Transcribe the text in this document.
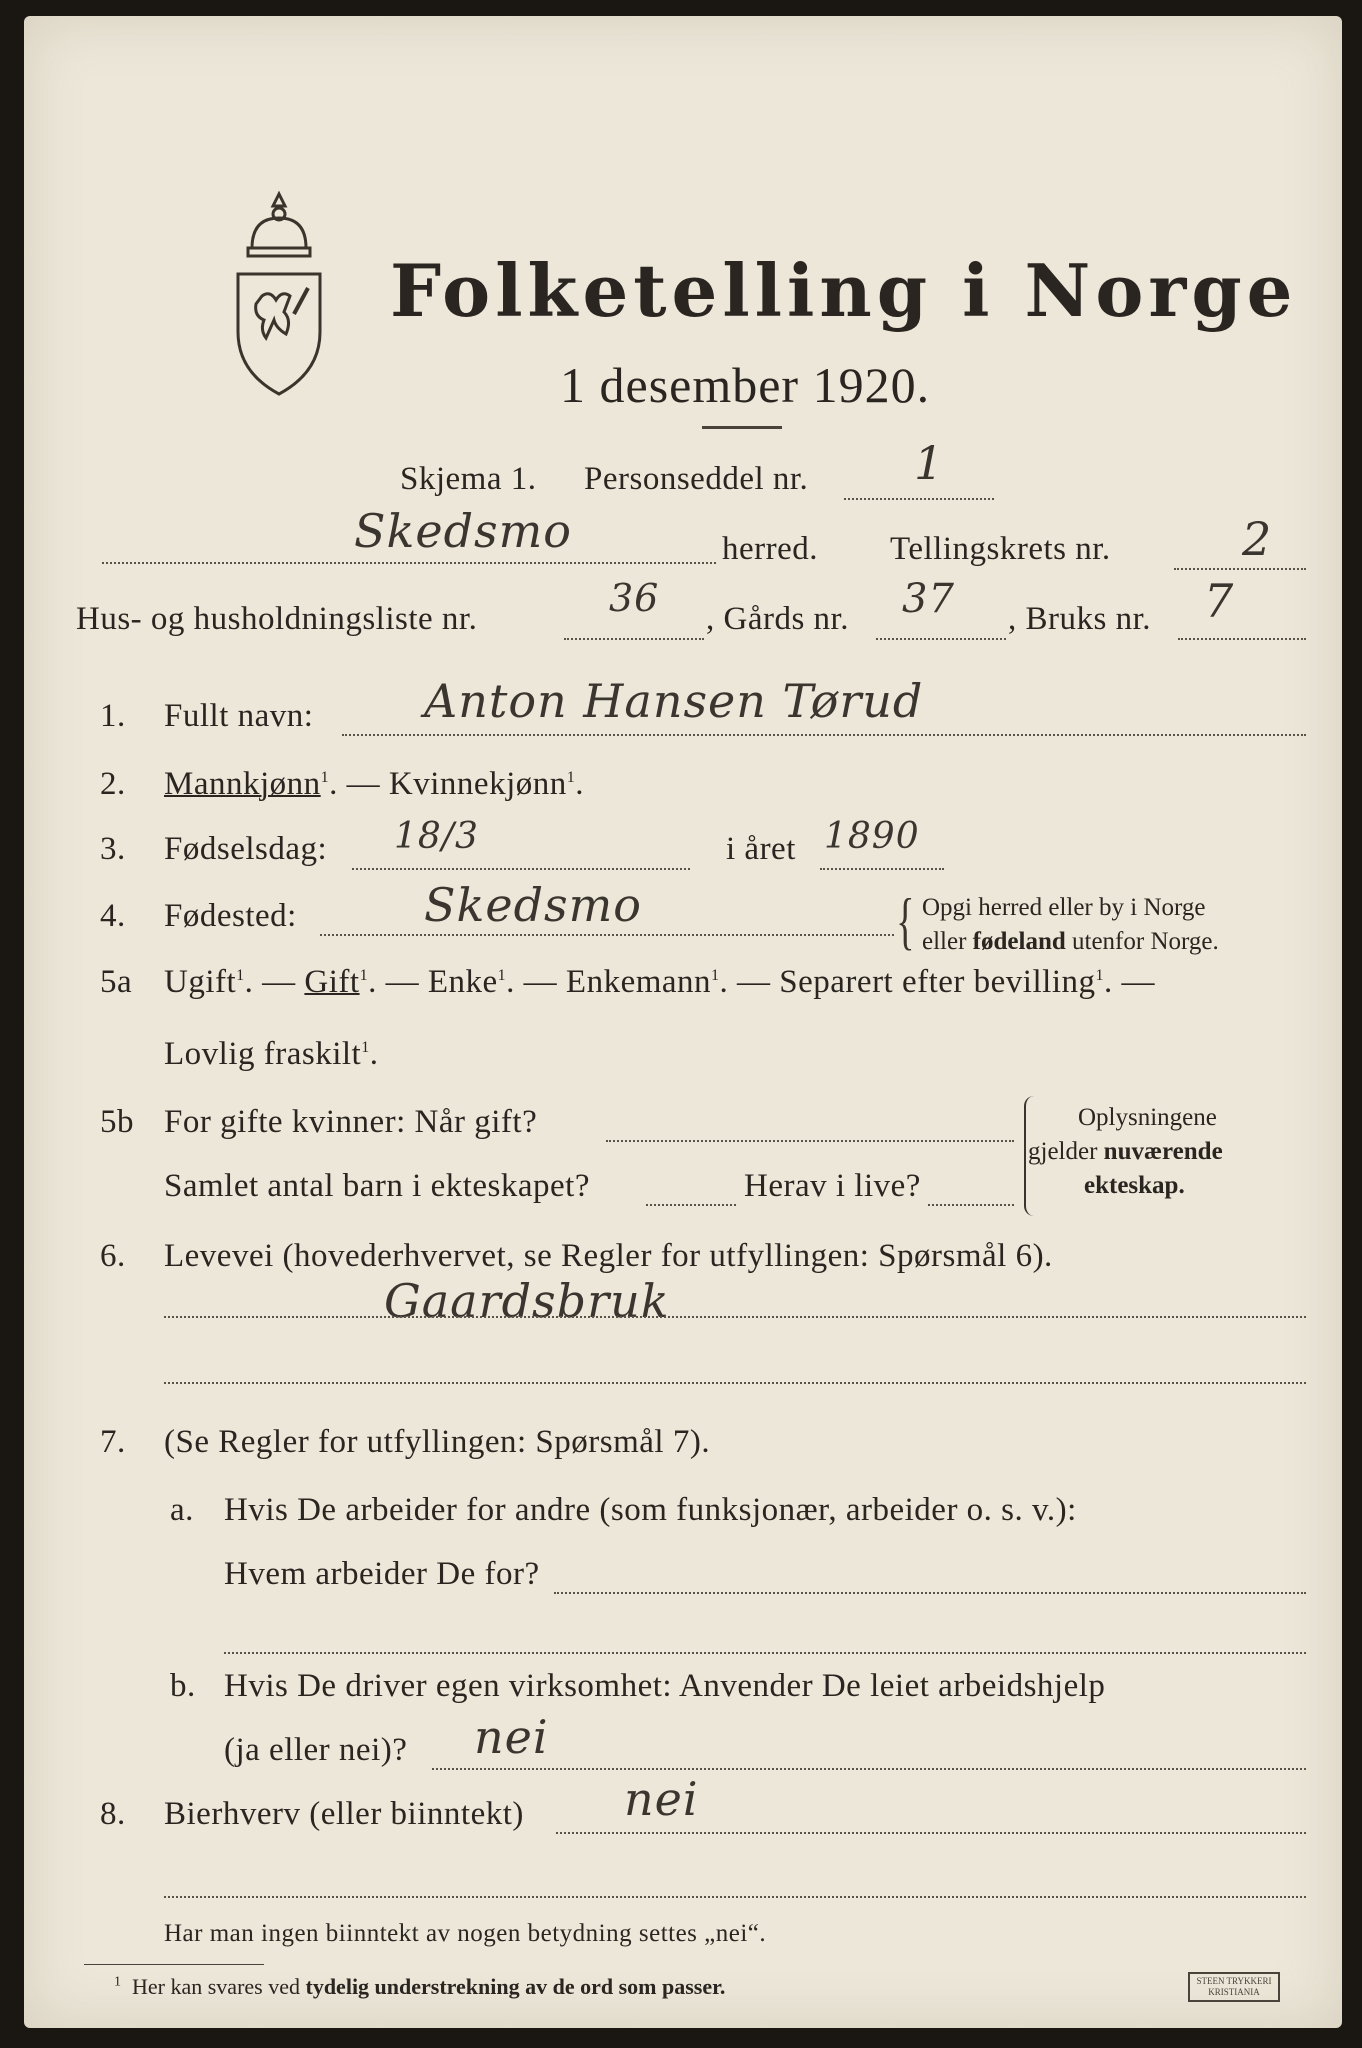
Folketelling i Norge
1 desember 1920.
Skjema 1. Personseddel nr. 1
Skedsmo	herred. Tellingskrets nr.	2
Hus- og husholdningsliste nr.	36 , Gårds nr. 37 , Bruks nr. 7
1. Fullt navn: Anton Hansen Tørud
2. Mannkjønn$^1$. — Kvinnekjønn$^1$.
3. Fødselsdag: 18/3	i året 1890
4. Fødested:	Skedsmo	{ Opgi herred eller by i Norge
eller fødeland utenfor Norge.
5a Ugift$^1$. — Gift$^1$. — Enke$^1$. — Enkemann$^1$. — Separert efter bevilling$^1$. —
Lovlig fraskilt$^1$.
5b For gifte kvinner: Når gift?
Samlet antal barn i ekteskapet?	Herav i live?
Oplysningene
gjelder nuværende
ekteskap.
6. Levevei (hovederhvervet, se Regler for utfyllingen: Spørsmål 6).
Gaardsbruk
7. (Se Regler for utfyllingen: Spørsmål 7).
a. Hvis De arbeider for andre (som funksjonær, arbeider o. s. v.):
Hvem arbeider De for?
b. Hvis De driver egen virksomhet: Anvender De leiet arbeidshjelp
(ja eller nei)? nei
8. Bierhverv (eller biinntekt) nei
Har man ingen biinntekt av nogen betydning settes „nei“.
$^1$ Her kan svares ved tydelig understrekning av de ord som passer.	STEEN TRYKKERI
KRISTIANIA
